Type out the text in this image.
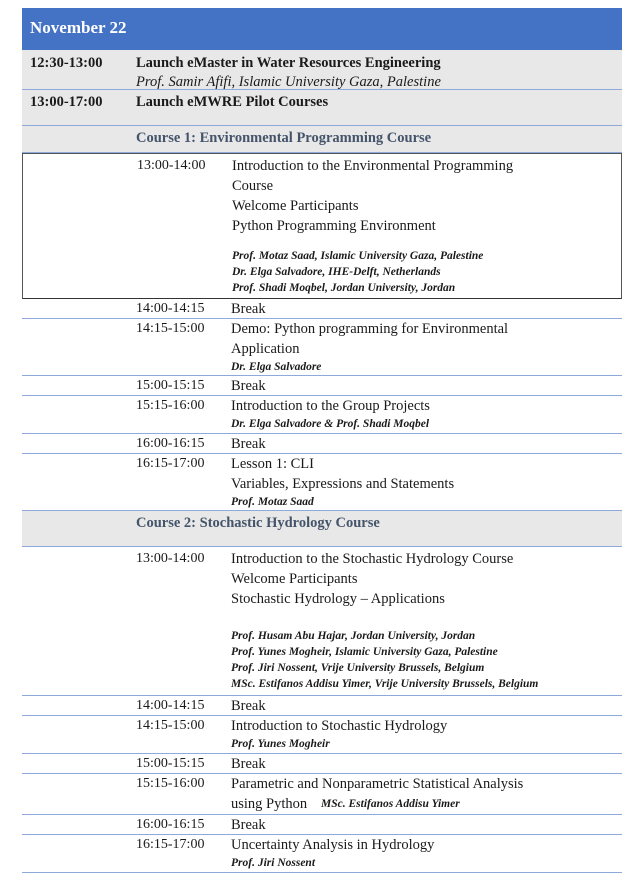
November 22
12:30-13:00 Launch eMaster in Water Resources Engineering
Prof. Samir Afifi, Islamic University Gaza, Palestine
13:00-17:00 Launch eMWRE Pilot Courses
Course 1: Environmental Programming Course
13:00-14:00 Introduction to the Environmental Programming
Course
Welcome Participants
Python Programming Environment
Prof. Motaz Saad, Islamic University Gaza, Palestine
Dr. Elga Salvadore, IHE-Delft, Netherlands
Prof. Shadi Moqbel, Jordan University, Jordan
14:00-14:15 Break
14:15-15:00 Demo: Python programming for Environmental
Application
Dr. Elga Salvadore
15:00-15:15 Break
15:15-16:00 Introduction to the Group Projects
Dr. Elga Salvadore & Prof. Shadi Moqbel
16:00-16:15 Break
16:15-17:00 Lesson 1: CLI
Variables, Expressions and Statements
Prof. Motaz Saad
Course 2: Stochastic Hydrology Course
13:00-14:00 Introduction to the Stochastic Hydrology Course
Welcome Participants
Stochastic Hydrology – Applications
Prof. Husam Abu Hajar, Jordan University, Jordan
Prof. Yunes Mogheir, Islamic University Gaza, Palestine
Prof. Jiri Nossent, Vrije University Brussels, Belgium
MSc. Estifanos Addisu Yimer, Vrije University Brussels, Belgium
14:00-14:15 Break
14:15-15:00 Introduction to Stochastic Hydrology
Prof. Yunes Mogheir
15:00-15:15 Break
15:15-16:00 Parametric and Nonparametric Statistical Analysis
using Python	MSc. Estifanos Addisu Yimer
16:00-16:15 Break
16:15-17:00 Uncertainty Analysis in Hydrology
Prof. Jiri Nossent
